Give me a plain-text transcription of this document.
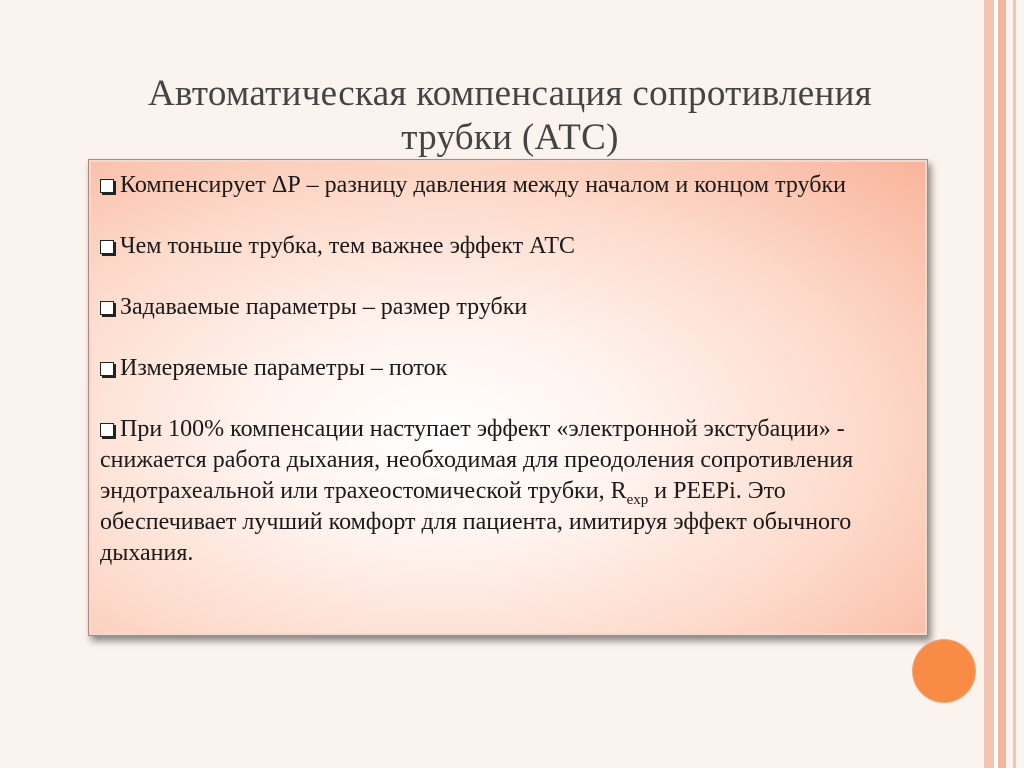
Автоматическая компенсация сопротивления
трубки (АТС)

Компенсирует ΔР – разницу давления между началом и концом трубки

Чем тоньше трубка, тем важнее эффект АТС

Задаваемые параметры – размер трубки

Измеряемые параметры – поток

При 100% компенсации наступает эффект «электронной экстубации» - снижается работа дыхания, необходимая для преодоления сопротивления эндотрахеальной или трахеостомической трубки, $R_{exp}$ и PEEPi. Это обеспечивает лучший комфорт для пациента, имитируя эффект обычного дыхания.
